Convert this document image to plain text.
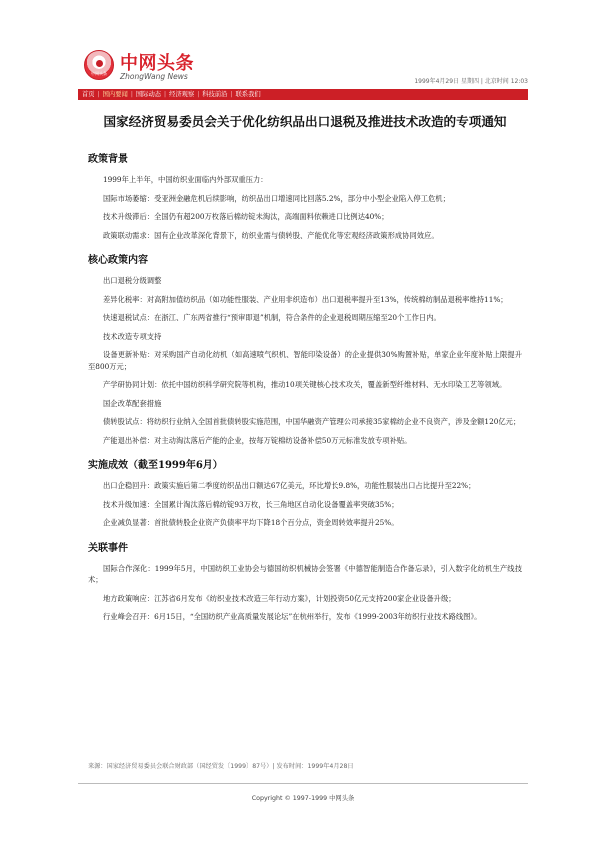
中网头条 中网头条
ZhongWang News
1999年4月29日 星期四 | 北京时间 12:03
首页 | 国内要闻 | 国际动态 | 经济观察 | 科技前沿 | 联系我们
国家经济贸易委员会关于优化纺织品出口退税及推进技术改造的专项通知
政策背景

1999年上半年，中国纺织业面临内外部双重压力：

国际市场萎缩：受亚洲金融危机后续影响，纺织品出口增速同比回落5.2%，部分中小型企业陷入停工危机；

技术升级滞后：全国仍有超200万枚落后棉纺锭未淘汰，高端面料依赖进口比例达40%；

政策联动需求：国有企业改革深化背景下，纺织业需与债转股、产能优化等宏观经济政策形成协同效应。

核心政策内容
出口退税分级调整

差异化税率：对高附加值纺织品（如功能性服装、产业用非织造布）出口退税率提升至13%，传统棉纺制品退税率维持11%；

快速退税试点：在浙江、广东两省推行“预审即退”机制，符合条件的企业退税周期压缩至20个工作日内。

技术改造专项支持

设备更新补贴：对采购国产自动化纺机（如高速喷气织机、智能印染设备）的企业提供30%购置补贴，单家企业年度补贴上限提升至800万元；

产学研协同计划：依托中国纺织科学研究院等机构，推动10项关键核心技术攻关，覆盖新型纤维材料、无水印染工艺等领域。

国企改革配套措施

债转股试点：将纺织行业纳入全国首批债转股实施范围，中国华融资产管理公司承接35家棉纺企业不良资产，涉及金额120亿元；

产能退出补偿：对主动淘汰落后产能的企业，按每万锭棉纺设备补偿50万元标准发放专项补贴。

实施成效（截至1999年6月）

出口企稳回升：政策实施后第二季度纺织品出口额达67亿美元，环比增长9.8%，功能性服装出口占比提升至22%；

技术升级加速：全国累计淘汰落后棉纺锭93万枚，长三角地区自动化设备覆盖率突破35%；

企业减负显著：首批债转股企业资产负债率平均下降18个百分点，资金周转效率提升25%。

关联事件

国际合作深化：1999年5月，中国纺织工业协会与德国纺织机械协会签署《中德智能制造合作备忘录》，引入数字化纺机生产线技术；

地方政策响应：江苏省6月发布《纺织业技术改造三年行动方案》，计划投资50亿元支持200家企业设备升级；

行业峰会召开：6月15日，“全国纺织产业高质量发展论坛”在杭州举行，发布《1999-2003年纺织行业技术路线图》。

来源：国家经济贸易委员会联合财政部（国经贸发〔1999〕87号）| 发布时间：1999年4月28日
Copyright © 1997-1999 中网头条
